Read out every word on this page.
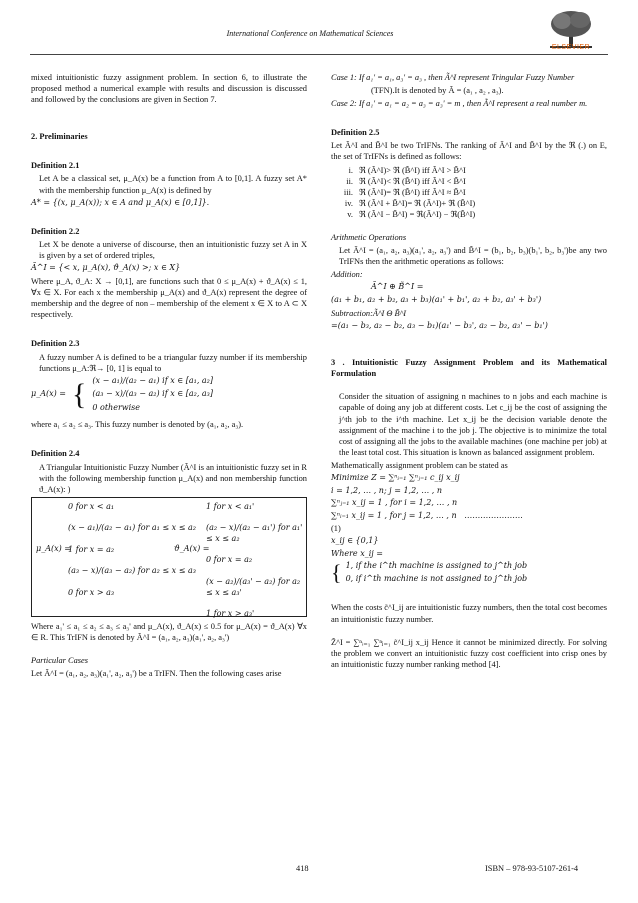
International Conference on Mathematical Sciences
ELSEVIER

mixed intuitionistic fuzzy assignment problem. In section 6, to illustrate the proposed method a numerical example with results and discussion is discussed and followed by the conclusions are given in Section 7.

2. Preliminaries

Definition 2.1

Let A be a classical set, μ_A(x) be a function from A to [0,1]. A fuzzy set A* with the membership function μ_A(x) is defined by

A* = {(x, μ_A(x)); x ∈ A and μ_A(x) ∈ [0,1]}.

Definition 2.2

Let X be denote a universe of discourse, then an intuitionistic fuzzy set A in X is given by a set of ordered triples,

Ã^I = {< x, μ_A(x), ϑ_A(x) >; x ∈ X}

Where μ_A, ϑ_A: X → [0,1], are functions such that 0 ≤ μ_A(x) + ϑ_A(x) ≤ 1, ∀x ∈ X. For each x the membership μ_A(x) and ϑ_A(x) represent the degree of membership and the degree of non – membership of the element x ∈ X to A ⊂ X respectively.

Definition 2.3

A fuzzy number A is defined to be a triangular fuzzy number if its membership functions μ_A:ℜ→ [0, 1] is equal to

μ_A(x) = { (x − a₁)/(a₂ − a₁) if x ∈ [a₁, a₂]
(a₃ − x)/(a₃ − a₂) if x ∈ [a₂, a₃]
0 otherwise

where a₁ ≤ a₂ ≤ a₃. This fuzzy number is denoted by (a₁, a₂, a₃).

Definition 2.4

A Triangular Intuitionistic Fuzzy Number (Ã^I is an intuitionistic fuzzy set in R with the following membership function μ_A(x) and non membership function ϑ_A(x): )

μ_A(x) =
0 for x < a₁
(x − a₁)/(a₂ − a₁) for a₁ ≤ x ≤ a₂
1 for x = a₂
(a₃ − x)/(a₃ − a₂) for a₂ ≤ x ≤ a₃
0 for x > a₃
ϑ_A(x) =
1 for x < a₁'
(a₂ − x)/(a₂ − a₁') for a₁' ≤ x ≤ a₂
0 for x = a₂
(x − a₂)/(a₃' − a₂) for a₂ ≤ x ≤ a₃'
1 for x > a₃'

Where a₁' ≤ a₁ ≤ a₂ ≤ a₃ ≤ a₃' and μ_A(x), ϑ_A(x) ≤ 0.5 for μ_A(x) = ϑ_A(x) ∀x ∈ R. This TrIFN is denoted by Ã^I = (a₁, a₂, a₃)(a₁', a₂, a₃')

Particular Cases

Let Ã^I = (a₁, a₂, a₃)(a₁', a₂, a₃') be a TrIFN. Then the following cases arise

Case 1: If a₁' = a₁, a₃' = a₃ , then Ã^I represent Tringular Fuzzy Number

(TFN).It is denoted by Ã = (a₁ , a₂ , a₃).

Case 2: If a₁' = a₁ = a₂ = a₃ = a₃' = m , then Ã^I represent a real number m.

Definition 2.5

Let Ã^I and B̃^I be two TrIFNs. The ranking of Ã^I and B̃^I by the ℜ (.) on E, the set of TrIFNs is defined as follows:

i. ℜ (Ã^I)> ℜ (B̃^I) iff Ã^I > B̃^I
ii. ℜ (Ã^I)< ℜ (B̃^I) iff Ã^I < B̃^I
iii. ℜ (Ã^I)= ℜ (B̃^I) iff Ã^I ≈ B̃^I
iv. ℜ (Ã^I + B̃^I)= ℜ (Ã^I)+ ℜ (B̃^I)
v. ℜ (Ã^I − B̃^I) = ℜ(Ã^I) − ℜ(B̃^I)

Arithmetic Operations

Let Ã^I = (a₁, a₂, a₃)(a₁', a₂, a₃') and B̃^I = (b₁, b₂, b₃)(b₁', b₂, b₃')be any two TrIFNs then the arithmetic operations as follows:

Addition:

Ã^I ⊕ B̃^I =

(a₁ + b₁, a₂ + b₂, a₃ + b₃)(a₁' + b₁', a₂ + b₂, a₃' + b₃')

Subtraction:Ã^I Θ B̃^I

=(a₁ − b₃, a₂ − b₂, a₃ − b₁)(a₁' − b₃', a₂ − b₂, a₃' − b₁')

3 . Intuitionistic Fuzzy Assignment Problem and its Mathematical Formulation

Consider the situation of assigning n machines to n jobs and each machine is capable of doing any job at different costs. Let c_ij be the cost of assigning the j^th job to the i^th machine. Let x_ij be the decision variable denote the assignment of the machine i to the job j. The objective is to minimize the total cost of assigning all the jobs to the available machines (one machine per job) at the least total cost. This situation is known as balanced assignment problem.

Mathematically assignment problem can be stated as

Minimize Z = ∑ⁿᵢ₌₁ ∑ⁿⱼ₌₁ c_ij x_ij

i = 1,2, … , n; j = 1,2, … , n

∑ⁿⱼ₌₁ x_ij = 1 , for i = 1,2, … , n

∑ⁿᵢ₌₁ x_ij = 1 , for j = 1,2, … , n ………………….

(1)

x_ij ∈ {0,1}

Where x_ij =

{ 1, if the i^th machine is assigned to j^th job
0, if i^th machine is not assigned to j^th job

When the costs c̃^I_ij are intuitionistic fuzzy numbers, then the total cost becomes an intuitionistic fuzzy number.

Z̃^I = ∑ⁿᵢ₌₁ ∑ⁿⱼ₌₁ c̃^I_ij x_ij Hence it cannot be minimized directly. For solving the problem we convert an intuitionistic fuzzy cost coefficient into crisp ones by an intuitionistic fuzzy number ranking method [4].

418	ISBN – 978-93-5107-261-4
